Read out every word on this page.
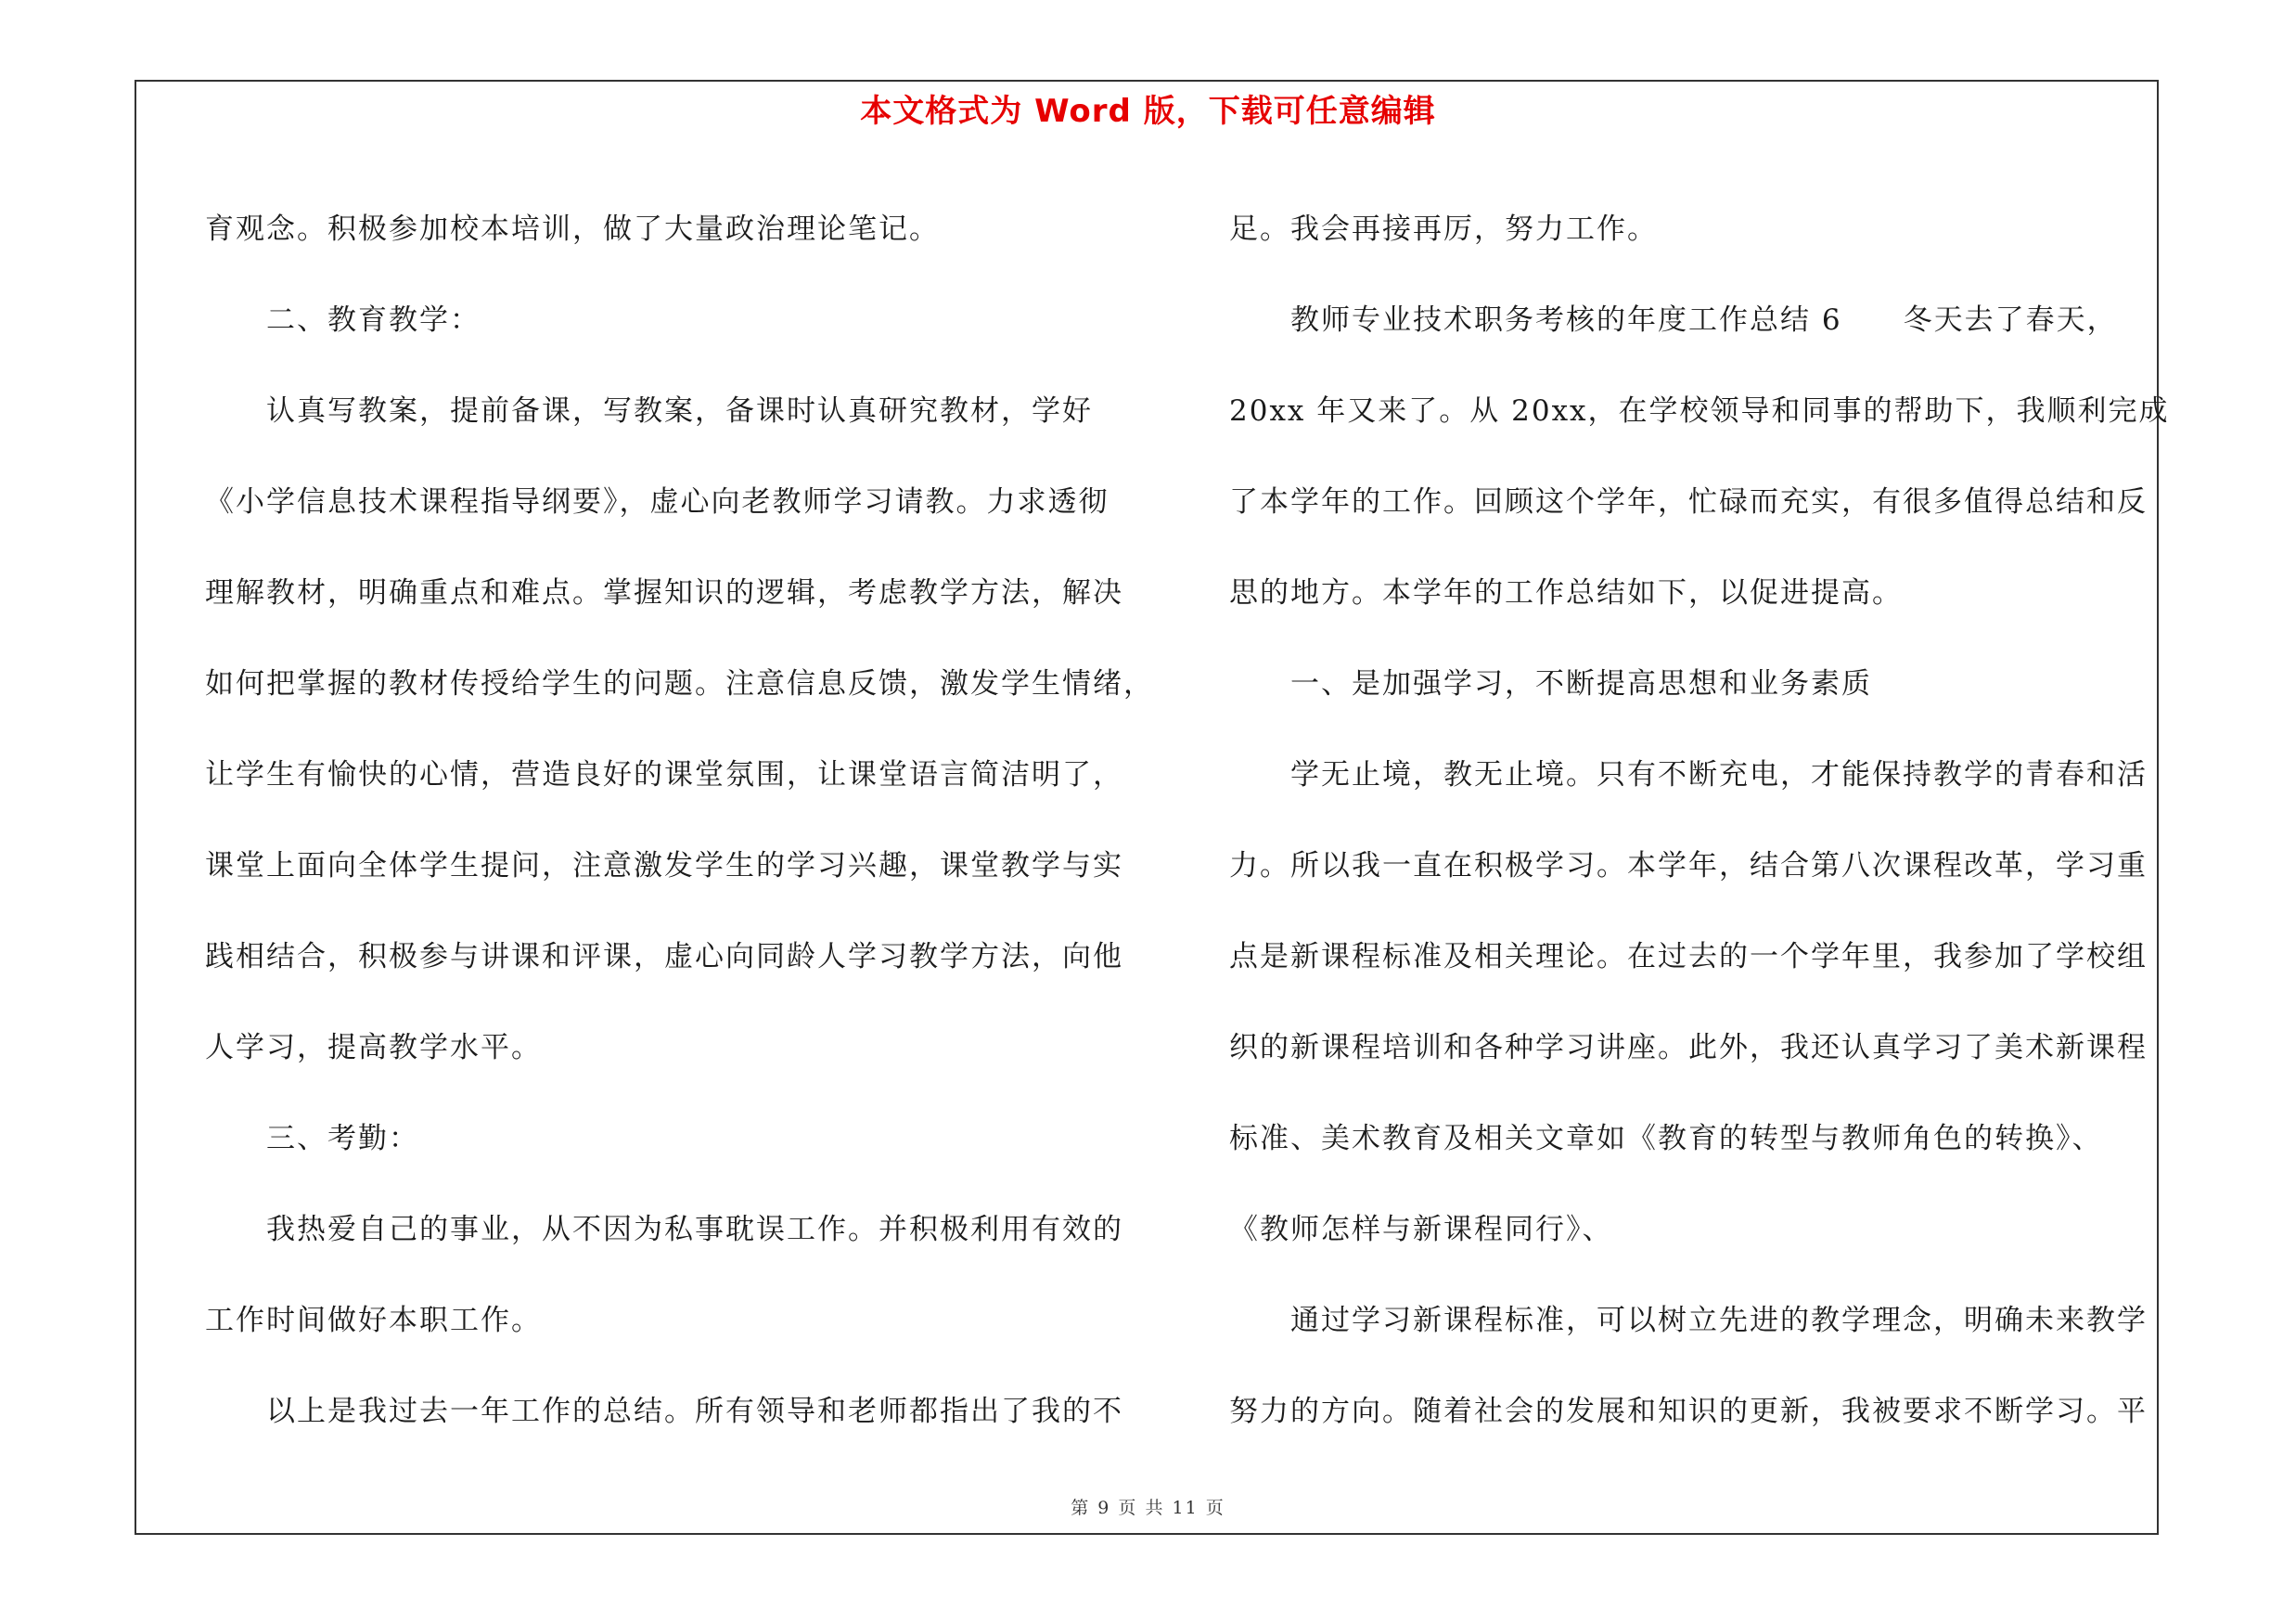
本文格式为 Word 版，下载可任意编辑

育观念。积极参加校本培训，做了大量政治理论笔记。

二、教育教学：

认真写教案，提前备课，写教案，备课时认真研究教材，学好

《小学信息技术课程指导纲要》，虚心向老教师学习请教。力求透彻

理解教材，明确重点和难点。掌握知识的逻辑，考虑教学方法，解决

如何把掌握的教材传授给学生的问题。注意信息反馈，激发学生情绪，

让学生有愉快的心情，营造良好的课堂氛围，让课堂语言简洁明了，

课堂上面向全体学生提问，注意激发学生的学习兴趣，课堂教学与实

践相结合，积极参与讲课和评课，虚心向同龄人学习教学方法，向他

人学习，提高教学水平。

三、考勤：

我热爱自己的事业，从不因为私事耽误工作。并积极利用有效的

工作时间做好本职工作。

以上是我过去一年工作的总结。所有领导和老师都指出了我的不

足。我会再接再厉，努力工作。

教师专业技术职务考核的年度工作总结 6　　冬天去了春天，

20xx 年又来了。从 20xx，在学校领导和同事的帮助下，我顺利完成

了本学年的工作。回顾这个学年，忙碌而充实，有很多值得总结和反

思的地方。本学年的工作总结如下，以促进提高。

一、是加强学习，不断提高思想和业务素质

学无止境，教无止境。只有不断充电，才能保持教学的青春和活

力。所以我一直在积极学习。本学年，结合第八次课程改革，学习重

点是新课程标准及相关理论。在过去的一个学年里，我参加了学校组

织的新课程培训和各种学习讲座。此外，我还认真学习了美术新课程

标准、美术教育及相关文章如《教育的转型与教师角色的转换》、

《教师怎样与新课程同行》、

通过学习新课程标准，可以树立先进的教学理念，明确未来教学

努力的方向。随着社会的发展和知识的更新，我被要求不断学习。平

第 9 页 共 11 页
